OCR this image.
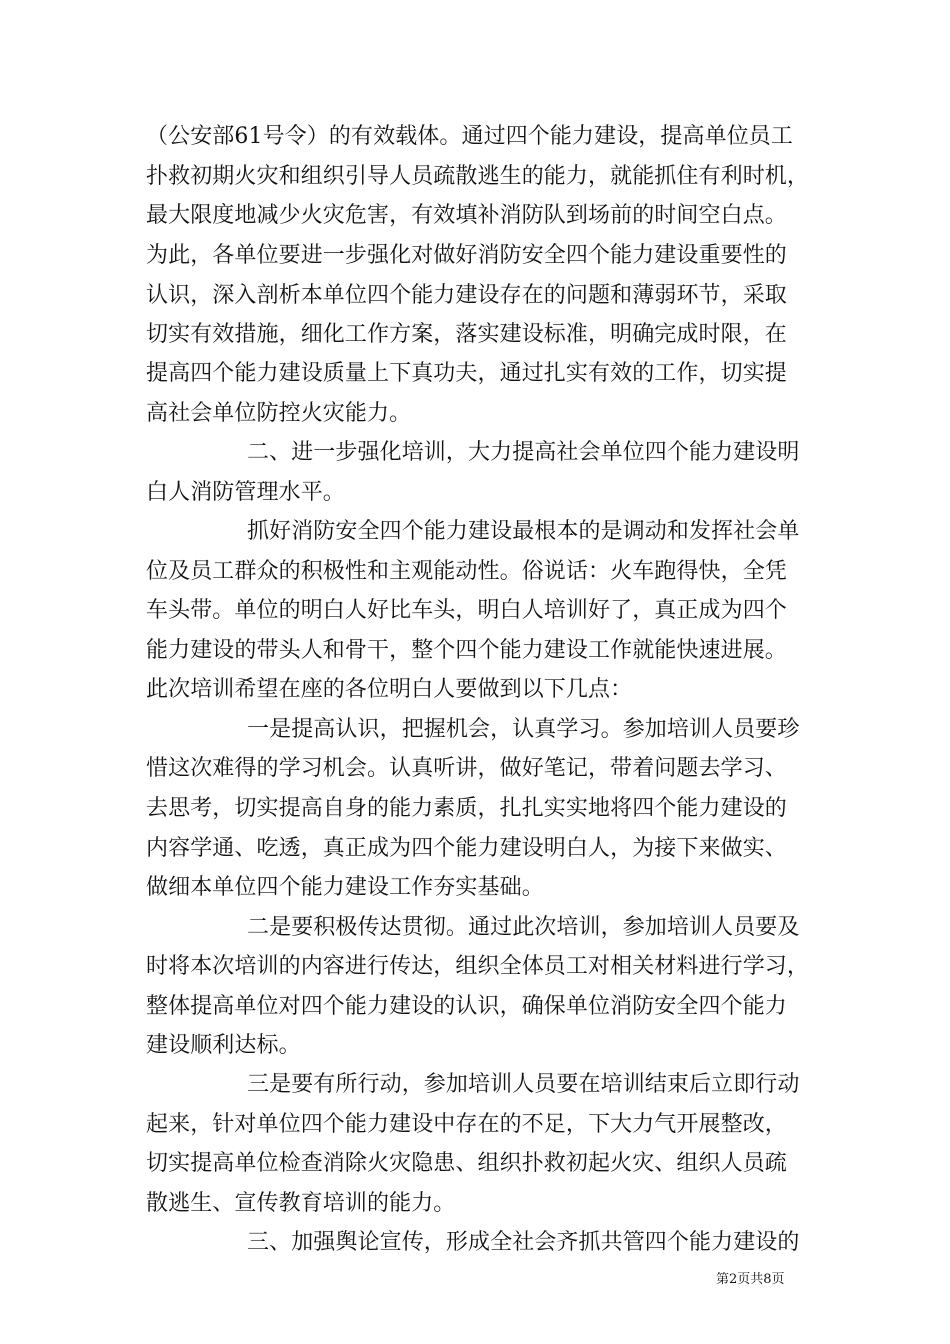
（公安部61号令）的有效载体。通过四个能力建设，提高单位员工
扑救初期火灾和组织引导人员疏散逃生的能力，就能抓住有利时机，
最大限度地减少火灾危害，有效填补消防队到场前的时间空白点。
为此，各单位要进一步强化对做好消防安全四个能力建设重要性的
认识，深入剖析本单位四个能力建设存在的问题和薄弱环节，采取
切实有效措施，细化工作方案，落实建设标准，明确完成时限，在
提高四个能力建设质量上下真功夫，通过扎实有效的工作，切实提
高社会单位防控火灾能力。
二、进一步强化培训，大力提高社会单位四个能力建设明
白人消防管理水平。
抓好消防安全四个能力建设最根本的是调动和发挥社会单
位及员工群众的积极性和主观能动性。俗说话：火车跑得快，全凭
车头带。单位的明白人好比车头，明白人培训好了，真正成为四个
能力建设的带头人和骨干，整个四个能力建设工作就能快速进展。
此次培训希望在座的各位明白人要做到以下几点：
一是提高认识，把握机会，认真学习。参加培训人员要珍
惜这次难得的学习机会。认真听讲，做好笔记，带着问题去学习、
去思考，切实提高自身的能力素质，扎扎实实地将四个能力建设的
内容学通、吃透，真正成为四个能力建设明白人，为接下来做实、
做细本单位四个能力建设工作夯实基础。
二是要积极传达贯彻。通过此次培训，参加培训人员要及
时将本次培训的内容进行传达，组织全体员工对相关材料进行学习，
整体提高单位对四个能力建设的认识，确保单位消防安全四个能力
建设顺利达标。
三是要有所行动，参加培训人员要在培训结束后立即行动
起来，针对单位四个能力建设中存在的不足，下大力气开展整改，
切实提高单位检查消除火灾隐患、组织扑救初起火灾、组织人员疏
散逃生、宣传教育培训的能力。
三、加强舆论宣传，形成全社会齐抓共管四个能力建设的
第2页共8页
